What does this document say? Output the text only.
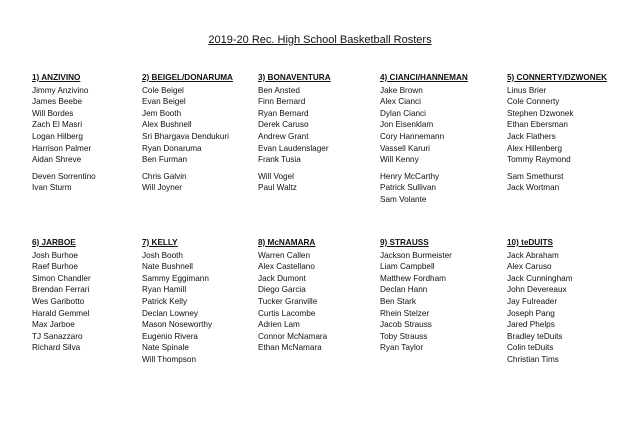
2019-20 Rec. High School Basketball Rosters
1) ANZIVINO
Jimmy Anzivino
James Beebe
Will Bordes
Zach El Masri
Logan Hilberg
Harrison Palmer
Aidan Shreve
Deven Sorrentino
Ivan Sturm
2) BEIGEL/DONARUMA
Cole Beigel
Evan Beigel
Jem Booth
Alex Bushnell
Sri Bhargava Dendukuri
Ryan Donaruma
Ben Furman
Chris Galvin
Will Joyner
3) BONAVENTURA
Ben Ansted
Finn Bernard
Ryan Bernard
Derek Caruso
Andrew Grant
Evan Laudenslager
Frank Tusia
Will Vogel
Paul Waltz
4) CIANCI/HANNEMAN
Jake Brown
Alex Cianci
Dylan Cianci
Jon Eisenklam
Cory Hannemann
Vassell Karuri
Will Kenny
Henry McCarthy
Patrick Sullivan
Sam Volante
5) CONNERTY/DZWONEK
Linus Brier
Cole Connerty
Stephen Dzwonek
Ethan Ebersman
Jack Flathers
Alex Hillenberg
Tommy Raymond
Sam Smethurst
Jack Wortman
6) JARBOE
Josh Burhoe
Raef Burhoe
Simon Chandler
Brendan Ferrari
Wes Garibotto
Harald Gemmel
Max Jarboe
TJ Sanazzaro
Richard Silva
7) KELLY
Josh Booth
Nate Bushnell
Sammy Eggimann
Ryan Hamill
Patrick Kelly
Declan Lowney
Mason Noseworthy
Eugenio Rivera
Nate Spinale
Will Thompson
8) McNAMARA
Warren Callen
Alex Castellano
Jack Dumont
Diego Garcia
Tucker Granville
Curtis Lacombe
Adrien Lam
Connor McNamara
Ethan McNamara
9) STRAUSS
Jackson Burmeister
Liam Campbell
Matthew Fordham
Declan Hann
Ben Stark
Rhein Stelzer
Jacob Strauss
Toby Strauss
Ryan Taylor
10) teDUITS
Jack Abraham
Alex Caruso
Jack Cunningham
John Devereaux
Jay Fulreader
Joseph Pang
Jared Phelps
Bradley teDuits
Colin teDuits
Christian Tims
